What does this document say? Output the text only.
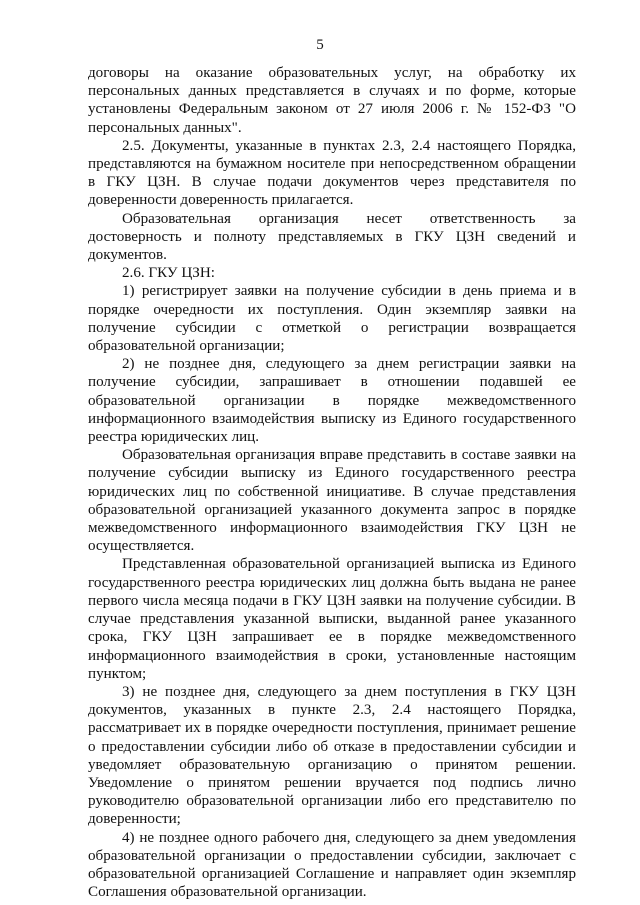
5

договоры на оказание образовательных услуг, на обработку их персональных данных представляется в случаях и по форме, которые установлены Федеральным законом от 27 июля 2006 г. № 152-ФЗ "О персональных данных".

2.5. Документы, указанные в пунктах 2.3, 2.4 настоящего Порядка, представляются на бумажном носителе при непосредственном обращении в ГКУ ЦЗН. В случае подачи документов через представителя по доверенности доверенность прилагается.

Образовательная организация несет ответственность за достоверность и полноту представляемых в ГКУ ЦЗН сведений и документов.

2.6. ГКУ ЦЗН:

1) регистрирует заявки на получение субсидии в день приема и в порядке очередности их поступления. Один экземпляр заявки на получение субсидии с отметкой о регистрации возвращается образовательной организации;

2) не позднее дня, следующего за днем регистрации заявки на получение субсидии, запрашивает в отношении подавшей ее образовательной организации в порядке межведомственного информационного взаимодействия выписку из Единого государственного реестра юридических лиц.

Образовательная организация вправе представить в составе заявки на получение субсидии выписку из Единого государственного реестра юридических лиц по собственной инициативе. В случае представления образовательной организацией указанного документа запрос в порядке межведомственного информационного взаимодействия ГКУ ЦЗН не осуществляется.

Представленная образовательной организацией выписка из Единого государственного реестра юридических лиц должна быть выдана не ранее первого числа месяца подачи в ГКУ ЦЗН заявки на получение субсидии. В случае представления указанной выписки, выданной ранее указанного срока, ГКУ ЦЗН запрашивает ее в порядке межведомственного информационного взаимодействия в сроки, установленные настоящим пунктом;

3) не позднее дня, следующего за днем поступления в ГКУ ЦЗН документов, указанных в пункте 2.3, 2.4 настоящего Порядка, рассматривает их в порядке очередности поступления, принимает решение о предоставлении субсидии либо об отказе в предоставлении субсидии и уведомляет образовательную организацию о принятом решении. Уведомление о принятом решении вручается под подпись лично руководителю образовательной организации либо его представителю по доверенности;

4) не позднее одного рабочего дня, следующего за днем уведомления образовательной организации о предоставлении субсидии, заключает с образовательной организацией Соглашение и направляет один экземпляр Соглашения образовательной организации.
